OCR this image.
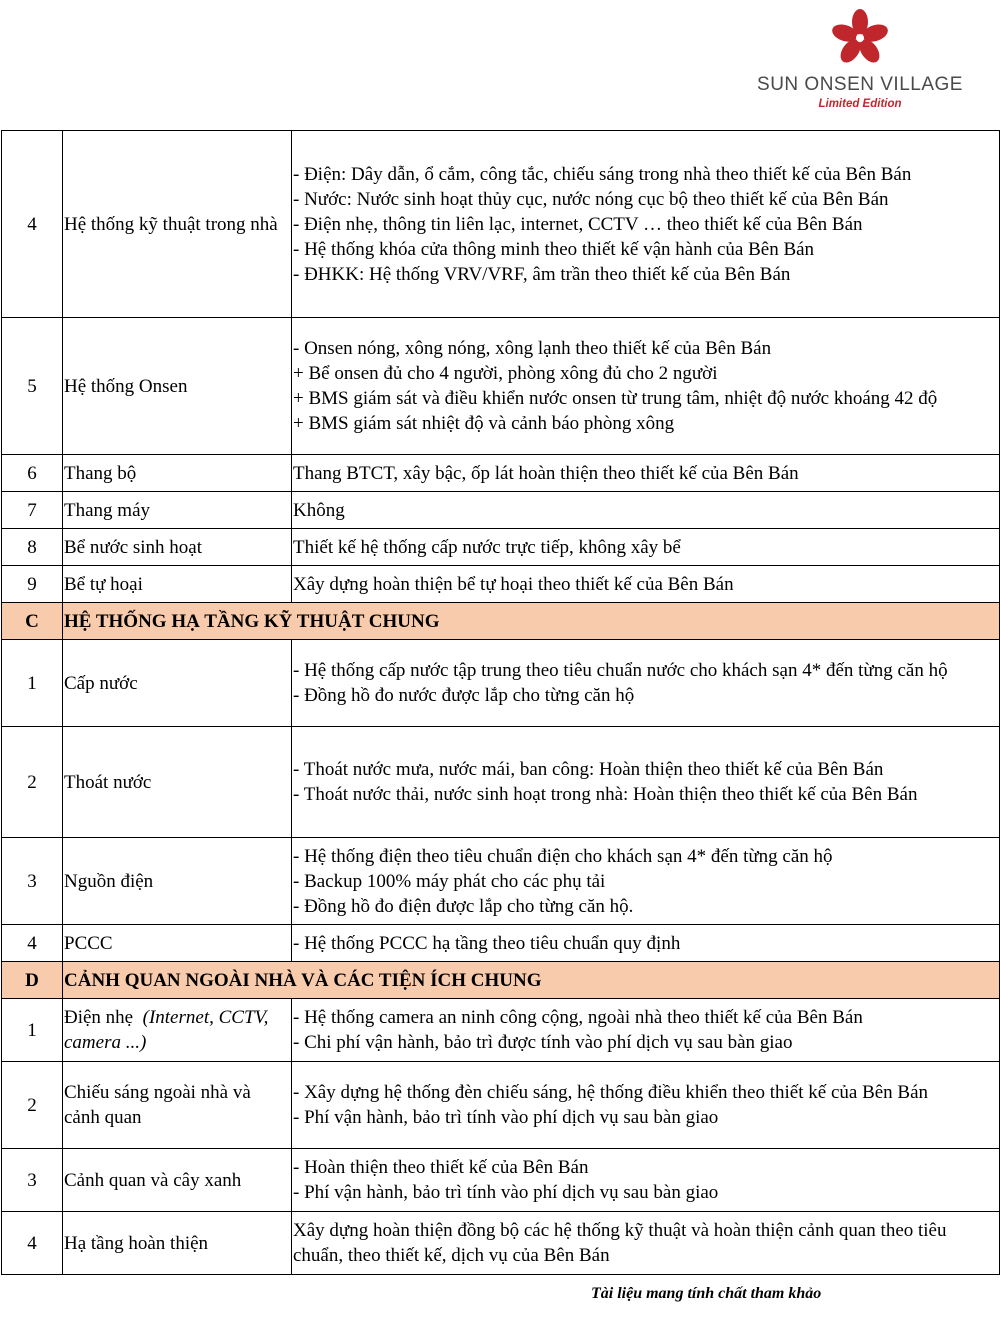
SUN ONSEN VILLAGE
Limited Edition
4	Hệ thống kỹ thuật trong nhà	- Điện: Dây dẫn, ổ cắm, công tắc, chiếu sáng trong nhà theo thiết kế của Bên Bán
- Nước: Nước sinh hoạt thủy cục, nước nóng cục bộ theo thiết kế của Bên Bán
- Điện nhẹ, thông tin liên lạc, internet, CCTV … theo thiết kế của Bên Bán
- Hệ thống khóa cửa thông minh theo thiết kế vận hành của Bên Bán
- ĐHKK: Hệ thống VRV/VRF, âm trần theo thiết kế của Bên Bán

5	Hệ thống Onsen	- Onsen nóng, xông nóng, xông lạnh theo thiết kế của Bên Bán
+ Bể onsen đủ cho 4 người, phòng xông đủ cho 2 người
+ BMS giám sát và điều khiển nước onsen từ trung tâm, nhiệt độ nước khoáng 42 độ
+ BMS giám sát nhiệt độ và cảnh báo phòng xông

6	Thang bộ	Thang BTCT, xây bậc, ốp lát hoàn thiện theo thiết kế của Bên Bán
7	Thang máy	Không
8	Bể nước sinh hoạt	Thiết kế hệ thống cấp nước trực tiếp, không xây bể
9	Bể tự hoại	Xây dựng hoàn thiện bể tự hoại theo thiết kế của Bên Bán
C	HỆ THỐNG HẠ TẦNG KỸ THUẬT CHUNG	
1	Cấp nước	- Hệ thống cấp nước tập trung theo tiêu chuẩn nước cho khách sạn 4* đến từng căn hộ
- Đồng hồ đo nước được lắp cho từng căn hộ

2	Thoát nước	- Thoát nước mưa, nước mái, ban công: Hoàn thiện theo thiết kế của Bên Bán
- Thoát nước thải, nước sinh hoạt trong nhà: Hoàn thiện theo thiết kế của Bên Bán

3	Nguồn điện	- Hệ thống điện theo tiêu chuẩn điện cho khách sạn 4* đến từng căn hộ
- Backup 100% máy phát cho các phụ tải
- Đồng hồ đo điện được lắp cho từng căn hộ.

4	PCCC	- Hệ thống PCCC hạ tầng theo tiêu chuẩn quy định
D	CẢNH QUAN NGOÀI NHÀ VÀ CÁC TIỆN ÍCH CHUNG	
1	Điện nhẹ (Internet, CCTV, camera ...)	- Hệ thống camera an ninh công cộng, ngoài nhà theo thiết kế của Bên Bán
- Chi phí vận hành, bảo trì được tính vào phí dịch vụ sau bàn giao

2	Chiếu sáng ngoài nhà và cảnh quan	- Xây dựng hệ thống đèn chiếu sáng, hệ thống điều khiển theo thiết kế của Bên Bán
- Phí vận hành, bảo trì tính vào phí dịch vụ sau bàn giao

3	Cảnh quan và cây xanh	- Hoàn thiện theo thiết kế của Bên Bán
- Phí vận hành, bảo trì tính vào phí dịch vụ sau bàn giao

4	Hạ tầng hoàn thiện	Xây dựng hoàn thiện đồng bộ các hệ thống kỹ thuật và hoàn thiện cảnh quan theo tiêu chuẩn, theo thiết kế, dịch vụ của Bên Bán
Tài liệu mang tính chất tham khảo
